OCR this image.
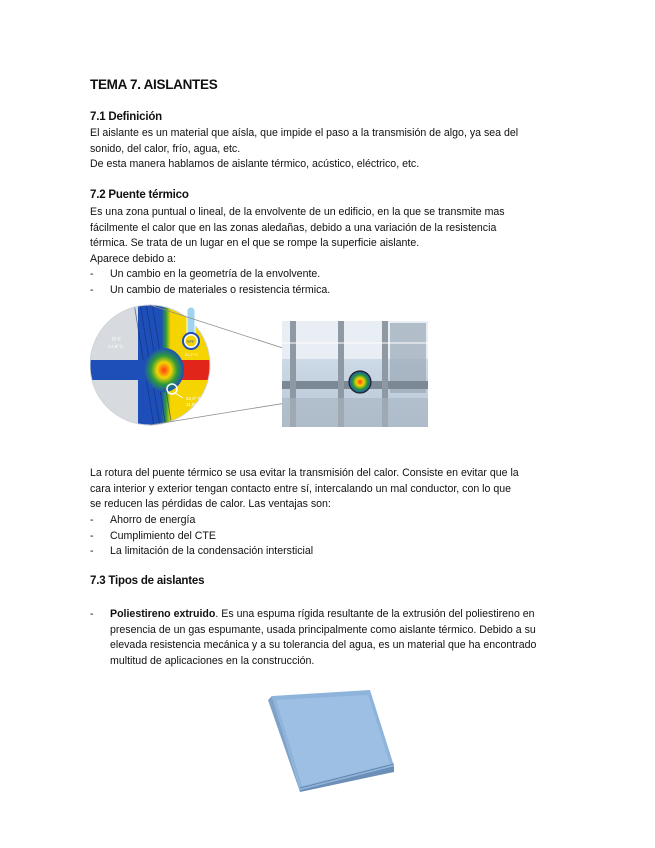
TEMA 7. AISLANTES
7.1 Definición

El aislante es un material que aísla, que impide el paso a la transmisión de algo, ya sea del

sonido, del calor, frío, agua, etc.

De esta manera hablamos de aislante térmico, acústico, eléctrico, etc.

7.2 Puente térmico

Es una zona puntual o lineal, de la envolvente de un edificio, en la que se transmite mas

fácilmente el calor que en las zonas aledañas, debido a una variación de la resistencia

térmica. Se trata de un lugar en el que se rompe la superficie aislante.

Aparece debido a:

- Un cambio en la geometría de la envolvente.
- Un cambio de materiales o resistencia térmica.
0º F
-17,8º C
70ºF
21,1º C
52,6º F
11,5º C

La rotura del puente térmico se usa evitar la transmisión del calor. Consiste en evitar que la

cara interior y exterior tengan contacto entre sí, intercalando un mal conductor, con lo que

se reducen las pérdidas de calor. Las ventajas son:

- Ahorro de energía
- Cumplimiento del CTE
- La limitación de la condensación intersticial
7.3 Tipos de aislantes
-	Poliestireno extruido. Es una espuma rígida resultante de la extrusión del poliestireno en presencia de un gas espumante, usada principalmente como aislante térmico. Debido a su elevada resistencia mecánica y a su tolerancia del agua, es un material que ha encontrado multitud de aplicaciones en la construcción.
